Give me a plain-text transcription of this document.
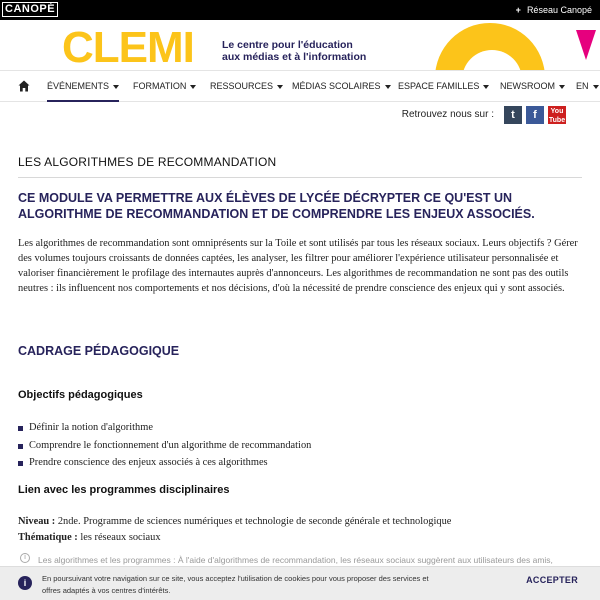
CANOPÉ	+ Réseau Canopé
CLEMI	Le centre pour l'éducation
aux médias et à l'information
ÉVÉNEMENTS	FORMATION	RESSOURCES	MÉDIAS SCOLAIRES	ESPACE FAMILLES	NEWSROOM	EN
Retrouvez nous sur :	t	f	You
Tube
LES ALGORITHMES DE RECOMMANDATION

CE MODULE VA PERMETTRE AUX ÉLÈVES DE LYCÉE DÉCRYPTER CE QU'EST UN ALGORITHME DE RECOMMANDATION ET DE COMPRENDRE LES ENJEUX ASSOCIÉS.

Les algorithmes de recommandation sont omniprésents sur la Toile et sont utilisés par tous les réseaux sociaux. Leurs objectifs ? Gérer des volumes toujours croissants de données captées, les analyser, les filtrer pour améliorer l'expérience utilisateur personnalisée et valoriser financièrement le profilage des internautes auprès d'annonceurs. Les algorithmes de recommandation ne sont pas des outils neutres : ils influencent nos comportements et nos décisions, d'où la nécessité de prendre conscience des enjeux qui y sont associés.

CADRAGE PÉDAGOGIQUE
Objectifs pédagogiques
Définir la notion d'algorithme
Comprendre le fonctionnement d'un algorithme de recommandation
Prendre conscience des enjeux associés à ces algorithmes
Lien avec les programmes disciplinaires
Niveau : 2nde. Programme de sciences numériques et technologie de seconde générale et technologique
Thématique : les réseaux sociaux
i	Les algorithmes et les programmes : À l'aide d'algorithmes de recommandation, les réseaux sociaux suggèrent aux utilisateurs des amis,
i	En poursuivant votre navigation sur ce site, vous acceptez l'utilisation de cookies pour vous proposer des services et
offres adaptés à vos centres d'intérêts.
ACCEPTER
